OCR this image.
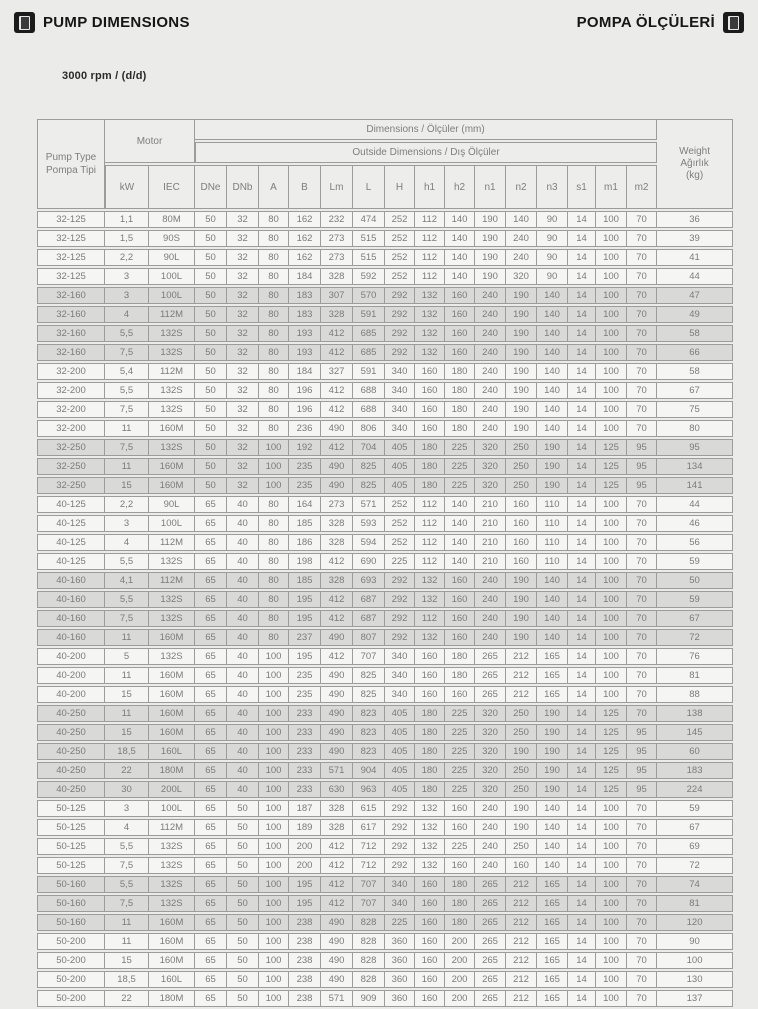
PUMP DIMENSIONS	POMPA ÖLÇÜLERİ
3000 rpm / (d/d)
Pump Type
Pompa Tipi	Motor		Dimensions / Ölçüler (mm)															Weight
Ağırlık
(kg)
			Outside Dimensions / Dış Ölçüler															
	kW	IEC	DNe	DNb	A	B	Lm	L	H	h1	h2	n1	n2	n3	s1	m1	m2	
32-125	1,1	80M	50	32	80	162	232	474	252	112	140	190	140	90	14	100	70	36
32-125	1,5	90S	50	32	80	162	273	515	252	112	140	190	240	90	14	100	70	39
32-125	2,2	90L	50	32	80	162	273	515	252	112	140	190	240	90	14	100	70	41
32-125	3	100L	50	32	80	184	328	592	252	112	140	190	320	90	14	100	70	44
32-160	3	100L	50	32	80	183	307	570	292	132	160	240	190	140	14	100	70	47
32-160	4	112M	50	32	80	183	328	591	292	132	160	240	190	140	14	100	70	49
32-160	5,5	132S	50	32	80	193	412	685	292	132	160	240	190	140	14	100	70	58
32-160	7,5	132S	50	32	80	193	412	685	292	132	160	240	190	140	14	100	70	66
32-200	5,4	112M	50	32	80	184	327	591	340	160	180	240	190	140	14	100	70	58
32-200	5,5	132S	50	32	80	196	412	688	340	160	180	240	190	140	14	100	70	67
32-200	7,5	132S	50	32	80	196	412	688	340	160	180	240	190	140	14	100	70	75
32-200	11	160M	50	32	80	236	490	806	340	160	180	240	190	140	14	100	70	80
32-250	7,5	132S	50	32	100	192	412	704	405	180	225	320	250	190	14	125	95	95
32-250	11	160M	50	32	100	235	490	825	405	180	225	320	250	190	14	125	95	134
32-250	15	160M	50	32	100	235	490	825	405	180	225	320	250	190	14	125	95	141
40-125	2,2	90L	65	40	80	164	273	571	252	112	140	210	160	110	14	100	70	44
40-125	3	100L	65	40	80	185	328	593	252	112	140	210	160	110	14	100	70	46
40-125	4	112M	65	40	80	186	328	594	252	112	140	210	160	110	14	100	70	56
40-125	5,5	132S	65	40	80	198	412	690	225	112	140	210	160	110	14	100	70	59
40-160	4,1	112M	65	40	80	185	328	693	292	132	160	240	190	140	14	100	70	50
40-160	5,5	132S	65	40	80	195	412	687	292	132	160	240	190	140	14	100	70	59
40-160	7,5	132S	65	40	80	195	412	687	292	112	160	240	190	140	14	100	70	67
40-160	11	160M	65	40	80	237	490	807	292	132	160	240	190	140	14	100	70	72
40-200	5	132S	65	40	100	195	412	707	340	160	180	265	212	165	14	100	70	76
40-200	11	160M	65	40	100	235	490	825	340	160	180	265	212	165	14	100	70	81
40-200	15	160M	65	40	100	235	490	825	340	160	160	265	212	165	14	100	70	88
40-250	11	160M	65	40	100	233	490	823	405	180	225	320	250	190	14	125	70	138
40-250	15	160M	65	40	100	233	490	823	405	180	225	320	250	190	14	125	95	145
40-250	18,5	160L	65	40	100	233	490	823	405	180	225	320	190	190	14	125	95	60
40-250	22	180M	65	40	100	233	571	904	405	180	225	320	250	190	14	125	95	183
40-250	30	200L	65	40	100	233	630	963	405	180	225	320	250	190	14	125	95	224
50-125	3	100L	65	50	100	187	328	615	292	132	160	240	190	140	14	100	70	59
50-125	4	112M	65	50	100	189	328	617	292	132	160	240	190	140	14	100	70	67
50-125	5,5	132S	65	50	100	200	412	712	292	132	225	240	250	140	14	100	70	69
50-125	7,5	132S	65	50	100	200	412	712	292	132	160	240	160	140	14	100	70	72
50-160	5,5	132S	65	50	100	195	412	707	340	160	180	265	212	165	14	100	70	74
50-160	7,5	132S	65	50	100	195	412	707	340	160	180	265	212	165	14	100	70	81
50-160	11	160M	65	50	100	238	490	828	225	160	180	265	212	165	14	100	70	120
50-200	11	160M	65	50	100	238	490	828	360	160	200	265	212	165	14	100	70	90
50-200	15	160M	65	50	100	238	490	828	360	160	200	265	212	165	14	100	70	100
50-200	18,5	160L	65	50	100	238	490	828	360	160	200	265	212	165	14	100	70	130
50-200	22	180M	65	50	100	238	571	909	360	160	200	265	212	165	14	100	70	137
